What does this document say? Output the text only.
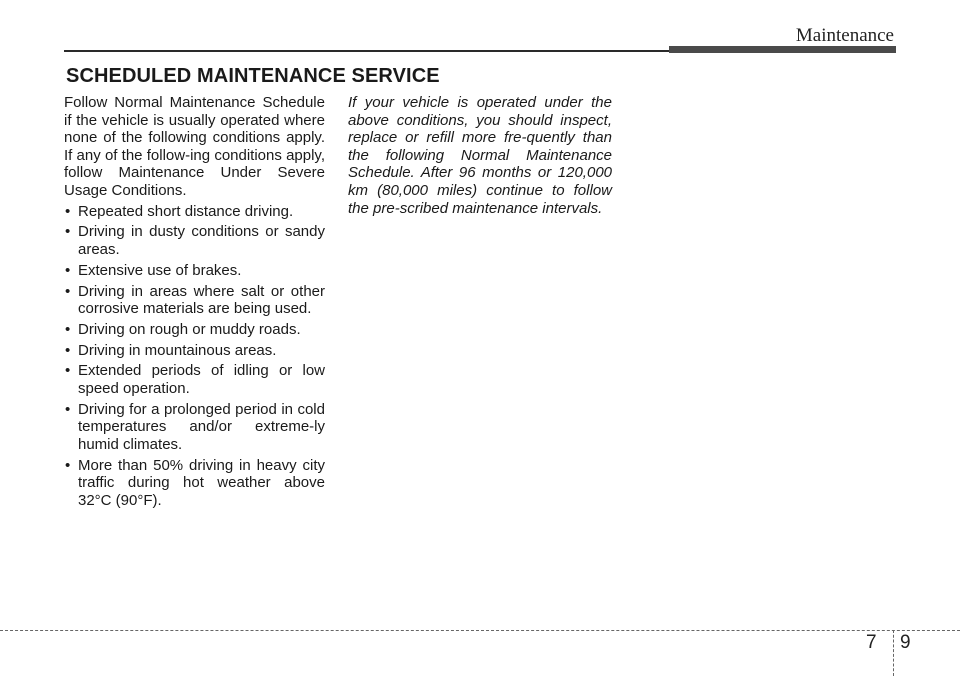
Maintenance
SCHEDULED MAINTENANCE SERVICE

Follow Normal Maintenance Schedule if the vehicle is usually operated where none of the following conditions apply. If any of the follow-ing conditions apply, follow Maintenance Under Severe Usage Conditions.

• Repeated short distance driving.
• Driving in dusty conditions or sandy areas.
• Extensive use of brakes.
• Driving in areas where salt or other corrosive materials are being used.
• Driving on rough or muddy roads.
• Driving in mountainous areas.
• Extended periods of idling or low speed operation.
• Driving for a prolonged period in cold temperatures and/or extreme-ly humid climates.
• More than 50% driving in heavy city traffic during hot weather above 32°C (90°F).

If your vehicle is operated under the above conditions, you should inspect, replace or refill more fre-quently than the following Normal Maintenance Schedule. After 96 months or 120,000 km (80,000 miles) continue to follow the pre-scribed maintenance intervals.

7 9
